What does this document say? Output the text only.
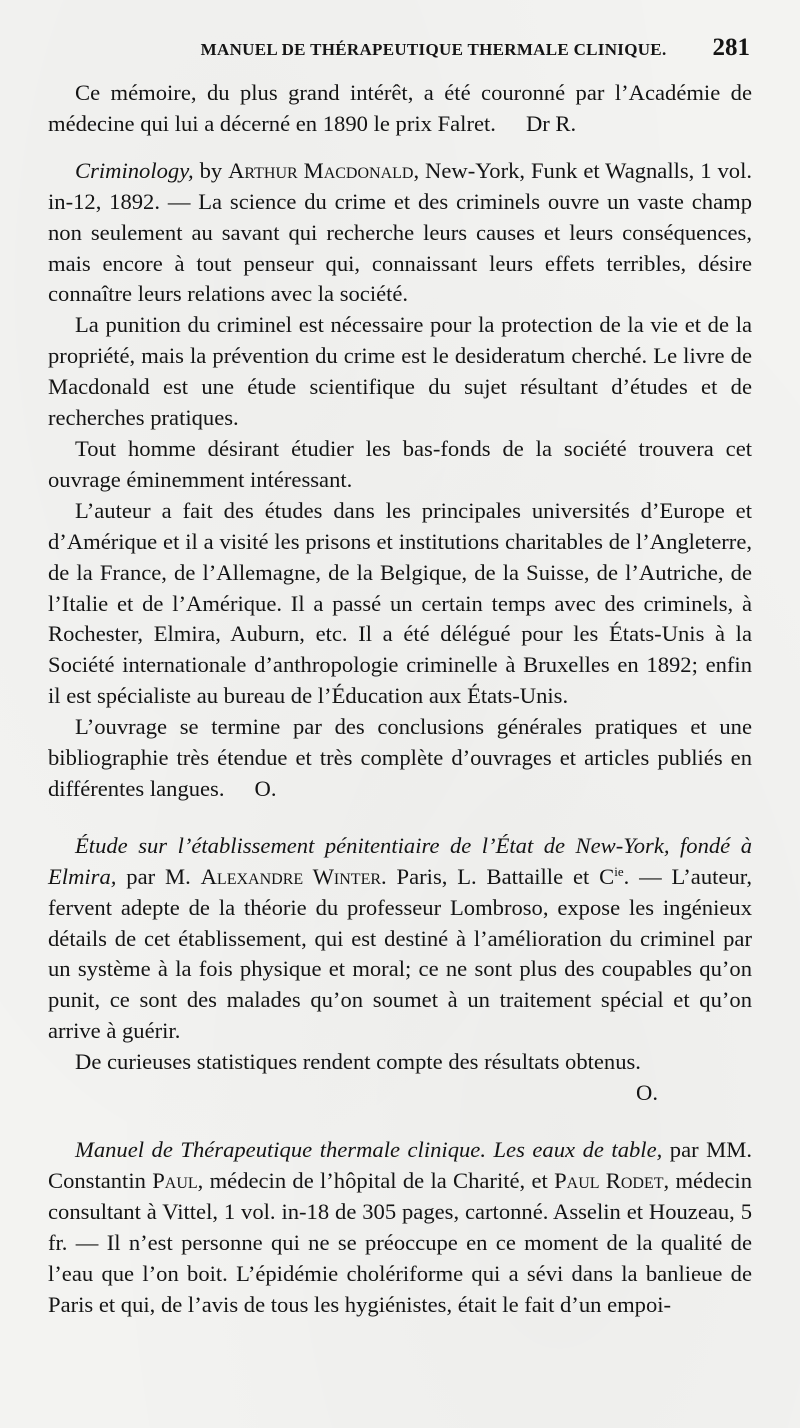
MANUEL DE THÉRAPEUTIQUE THERMALE CLINIQUE. 281

Ce mémoire, du plus grand intérêt, a été couronné par l’Académie de médecine qui lui a décerné en 1890 le prix Falret. Dr R.

Criminology, by Arthur Macdonald, New-York, Funk et Wagnalls, 1 vol. in-12, 1892. — La science du crime et des criminels ouvre un vaste champ non seulement au savant qui recherche leurs causes et leurs conséquences, mais encore à tout penseur qui, connaissant leurs effets terribles, désire connaître leurs relations avec la société.

La punition du criminel est nécessaire pour la protection de la vie et de la propriété, mais la prévention du crime est le desideratum cherché. Le livre de Macdonald est une étude scientifique du sujet résultant d’études et de recherches pratiques.

Tout homme désirant étudier les bas-fonds de la société trouvera cet ouvrage éminemment intéressant.

L’auteur a fait des études dans les principales universités d’Europe et d’Amérique et il a visité les prisons et institutions charitables de l’Angleterre, de la France, de l’Allemagne, de la Belgique, de la Suisse, de l’Autriche, de l’Italie et de l’Amérique. Il a passé un certain temps avec des criminels, à Rochester, Elmira, Auburn, etc. Il a été délégué pour les États-Unis à la Société internationale d’anthropologie criminelle à Bruxelles en 1892; enfin il est spécialiste au bureau de l’Éducation aux États-Unis.

L’ouvrage se termine par des conclusions générales pratiques et une bibliographie très étendue et très complète d’ouvrages et articles publiés en différentes langues. O.

Étude sur l’établissement pénitentiaire de l’État de New-York, fondé à Elmira, par M. Alexandre Winter. Paris, L. Battaille et $C^{ie}$. — L’auteur, fervent adepte de la théorie du professeur Lombroso, expose les ingénieux détails de cet établissement, qui est destiné à l’amélioration du criminel par un système à la fois physique et moral; ce ne sont plus des coupables qu’on punit, ce sont des malades qu’on soumet à un traitement spécial et qu’on arrive à guérir.

De curieuses statistiques rendent compte des résultats obtenus.

O.

Manuel de Thérapeutique thermale clinique. Les eaux de table, par MM. Constantin Paul, médecin de l’hôpital de la Charité, et Paul Rodet, médecin consultant à Vittel, 1 vol. in-18 de 305 pages, cartonné. Asselin et Houzeau, 5 fr. — Il n’est personne qui ne se préoccupe en ce moment de la qualité de l’eau que l’on boit. L’épidémie cholériforme qui a sévi dans la banlieue de Paris et qui, de l’avis de tous les hygiénistes, était le fait d’un empoi-
